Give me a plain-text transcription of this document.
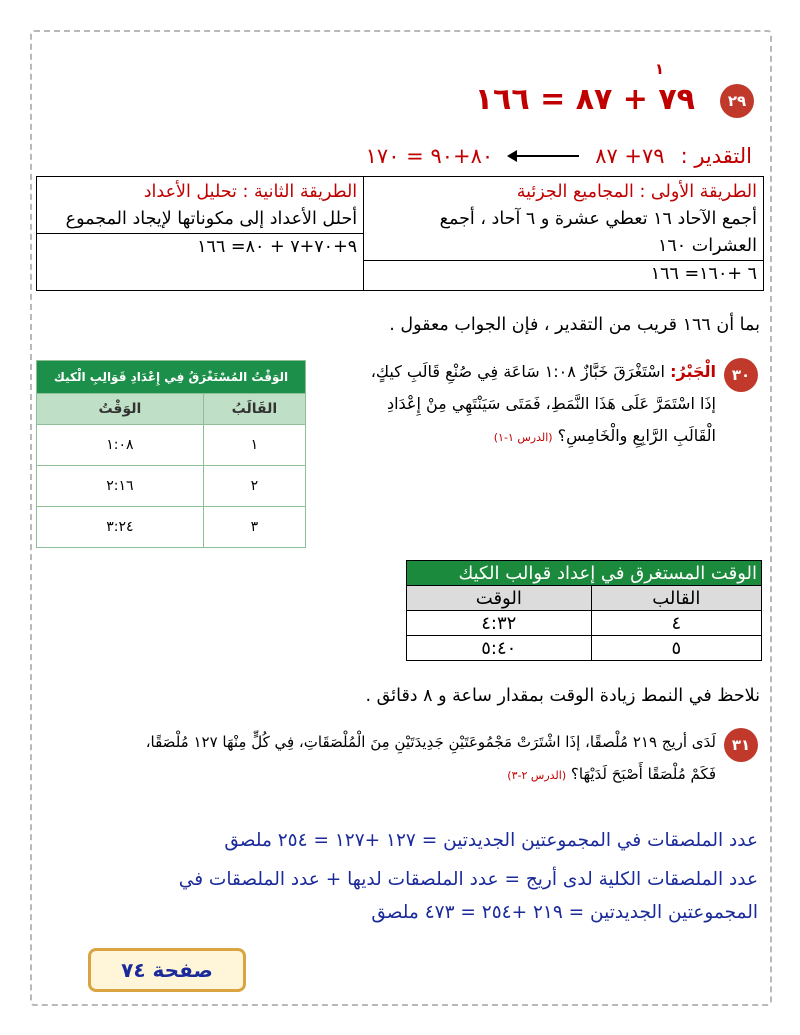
٢٩
١
٧٩ + ٨٧ = ١٦٦
التقدير :
٧٩+ ٨٧
٨٠+٩٠ = ١٧٠
الطريقة الأولى : المجاميع الجزئية
أجمع الآحاد ١٦ تعطي عشرة و ٦ آحاد ، أجمع العشرات ١٦٠
٦ +١٦٠= ١٦٦

الطريقة الثانية : تحليل الأعداد
أحلل الأعداد إلى مكوناتها لإيجاد المجموع
٩+٧٠+٧ + ٨٠= ١٦٦
بما أن ١٦٦ قريب من التقدير ، فإن الجواب معقول .
٣٠
الْجَبْرُ: اسْتَغْرَقَ خَبَّازٌ ١:٠٨ سَاعَة فِي صُنْعِ قَالَبِ كيكٍ،
إذَا اسْتَمَرَّ عَلَى هَذَا النَّمَطِ، فَمَتَى سَيَنْتَهِي مِنْ إِعْدَادِ
الْقَالَبِ الرَّابِعِ والْخَامِسِ؟ (الدرس ١-١)
الوَقْتُ المُسْتَغْرَقُ فِي إِعْدَادِ قَوَالِبِ الْكيك	
القَالَبُ	الوَقْتُ
١	١:٠٨
٢	٢:١٦
٣	٣:٢٤
الوقت المستغرق في إعداد قوالب الكيك	
القالب	الوقت
٤	٤:٣٢
٥	٥:٤٠
نلاحظ في النمط زيادة الوقت بمقدار ساعة و ٨ دقائق .
٣١
لَدَى أريج ٢١٩ مُلْصقًا، إذَا اشْتَرَتْ مَجْمُوعَتَيْنِ جَدِيدَتَيْنِ مِنَ الْمُلْصَقَاتِ، فِي كُلٍّ مِنْهَا ١٢٧ مُلْصَقًا،
فَكَمْ مُلْصَقًا أَصْبَحَ لَدَيْهَا؟ (الدرس ٢-٣)
عدد الملصقات في المجموعتين الجديدتين = ١٢٧ +١٢٧ = ٢٥٤ ملصق
عدد الملصقات الكلية لدى أريج = عدد الملصقات لديها + عدد الملصقات في
المجموعتين الجديدتين = ٢١٩ +٢٥٤ = ٤٧٣ ملصق
صفحة ٧٤
